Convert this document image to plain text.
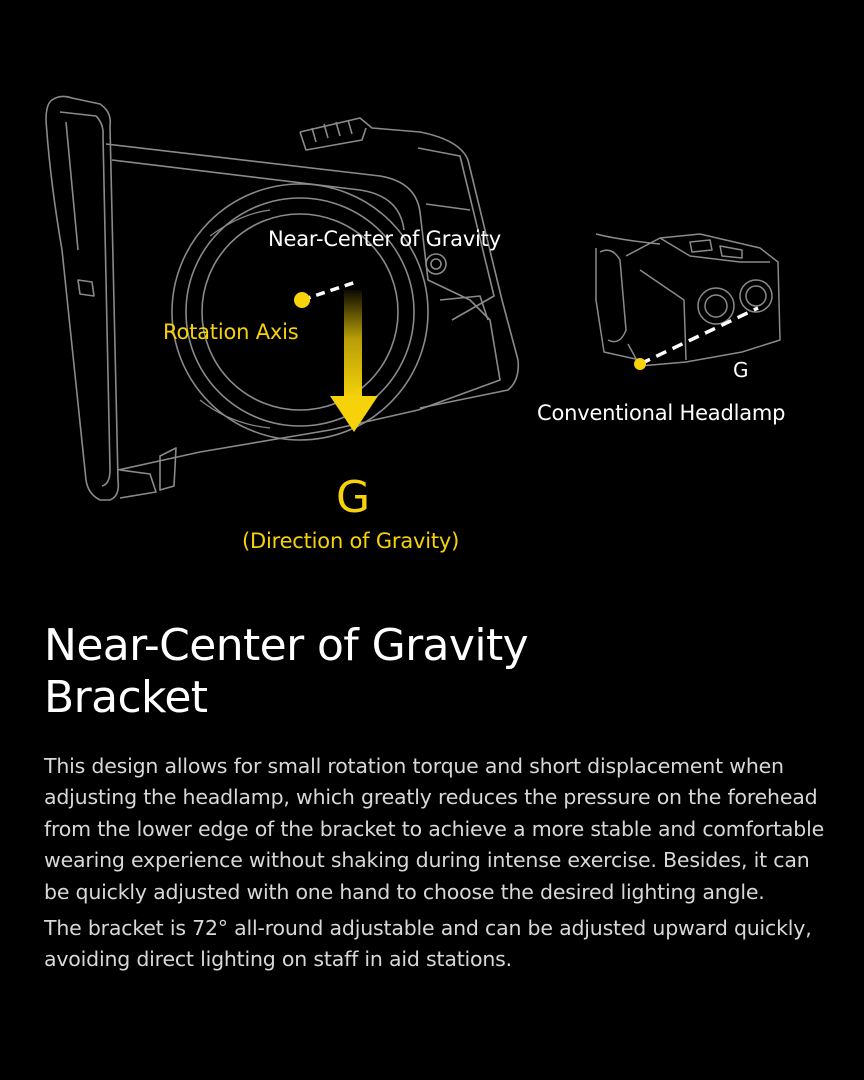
Near-Center of Gravity
Rotation Axis
G
(Direction of Gravity)
G
Conventional Headlamp
Near-Center of Gravity
Bracket

This design allows for small rotation torque and short displacement when adjusting the headlamp, which greatly reduces the pressure on the forehead from the lower edge of the bracket to achieve a more stable and comfortable wearing experience without shaking during intense exercise. Besides, it can be quickly adjusted with one hand to choose the desired lighting angle.

The bracket is 72° all-round adjustable and can be adjusted upward quickly, avoiding direct lighting on staff in aid stations.
